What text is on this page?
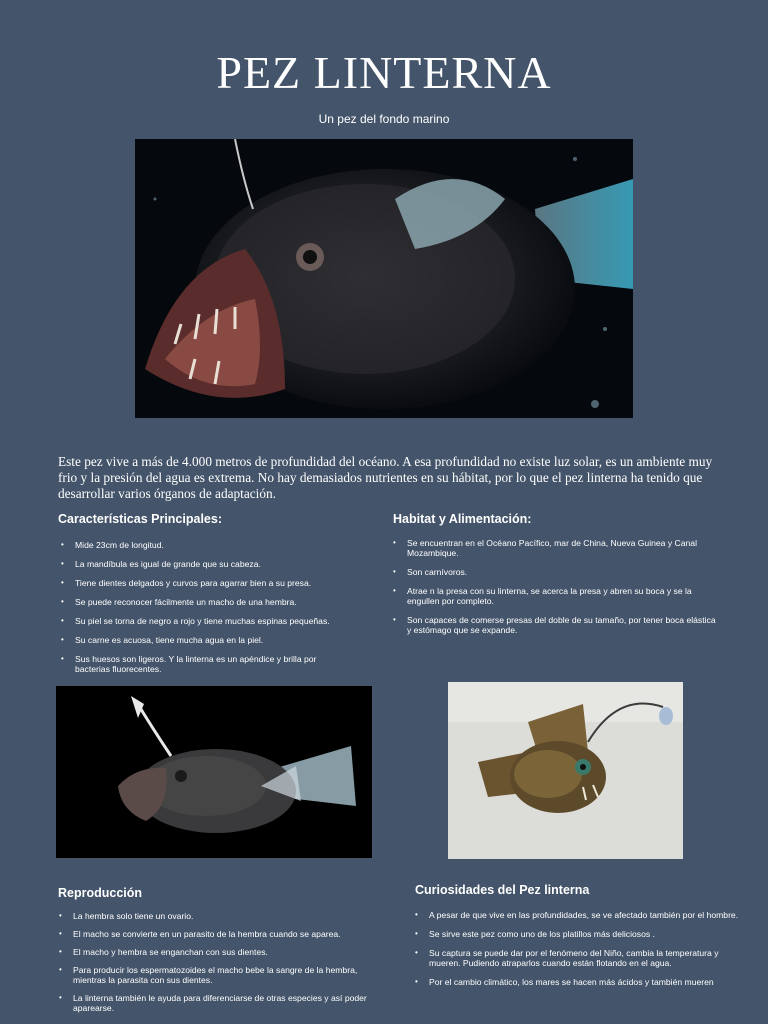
PEZ LINTERNA
Un pez del fondo marino

Este pez vive a más de 4.000 metros de profundidad del océano. A esa profundidad no existe luz solar, es un ambiente muy frio y la presión del agua es extrema. No hay demasiados nutrientes en su hábitat, por lo que el pez linterna ha tenido que desarrollar varios órganos de adaptación.

Características Principales:
• Mide 23cm de longitud.
• La mandíbula es igual de grande que su cabeza.
• Tiene dientes delgados y curvos para agarrar bien a su presa.
• Se puede reconocer fácilmente un macho de una hembra.
• Su piel se torna de negro a rojo y tiene muchas espinas pequeñas.
• Su carne es acuosa, tiene mucha agua en la piel.
• Sus huesos son ligeros. Y la linterna es un apéndice y brilla por bacterias fluorecentes.
Habitat y Alimentación:
• Se encuentran en el Océano Pacífico, mar de China, Nueva Guinea y Canal Mozambique.
• Son carnívoros.
• Atrae n la presa con su linterna, se acerca la presa y abren su boca y se la engullen por completo.
• Son capaces de comerse presas del doble de su tamaño, por tener boca elástica y estómago que se expande.
Reproducción
• La hembra solo tiene un ovario.
• El macho se convierte en un parasito de la hembra cuando se aparea.
• El macho y hembra se enganchan con sus dientes.
• Para producir los espermatozoides el macho bebe la sangre de la hembra, mientras la parasita con sus dientes.
• La linterna también le ayuda para diferenciarse de otras especies y así poder aparearse.
Curiosidades del Pez linterna
• A pesar de que vive en las profundidades, se ve afectado también por el hombre.
• Se sirve este pez como uno de los platillos más deliciosos .
• Su captura se puede dar por el fenómeno del Niño, cambia la temperatura y mueren. Pudiendo atraparlos cuando están flotando en el agua.
• Por el cambio climático, los mares se hacen más ácidos y también mueren
